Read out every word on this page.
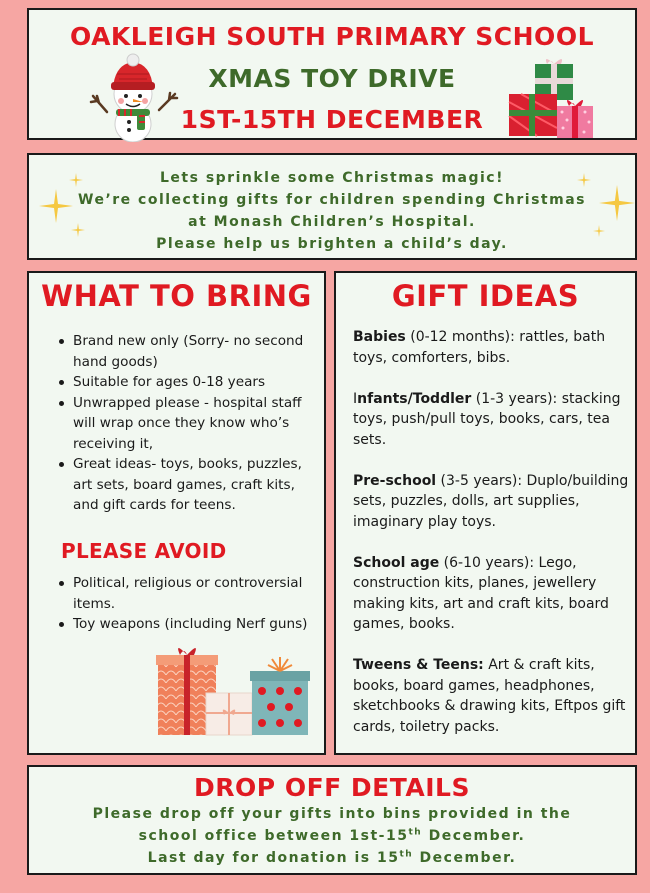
OAKLEIGH SOUTH PRIMARY SCHOOL
XMAS TOY DRIVE
1ST-15TH DECEMBER
Lets sprinkle some Christmas magic!
We’re collecting gifts for children spending Christmas
at Monash Children’s Hospital.
Please help us brighten a child’s day.
WHAT TO BRING
Brand new only (Sorry- no second hand goods)
Suitable for ages 0-18 years
Unwrapped please - hospital staff will wrap once they know who’s receiving it,
Great ideas- toys, books, puzzles, art sets, board games, craft kits, and gift cards for teens.
PLEASE AVOID
Political, religious or controversial items.
Toy weapons (including Nerf guns)
GIFT IDEAS
Babies (0-12 months): rattles, bath toys, comforters, bibs.
Infants/Toddler (1-3 years): stacking toys, push/pull toys, books, cars, tea sets.
Pre-school (3-5 years): Duplo/building sets, puzzles, dolls, art supplies, imaginary play toys.
School age (6-10 years): Lego, construction kits, planes, jewellery making kits, art and craft kits, board games, books.
Tweens & Teens: Art & craft kits, books, board games, headphones, sketchbooks & drawing kits, Eftpos gift cards, toiletry packs.
DROP OFF DETAILS
Please drop off your gifts into bins provided in the
school office between 1st-15th December.
Last day for donation is 15th December.
